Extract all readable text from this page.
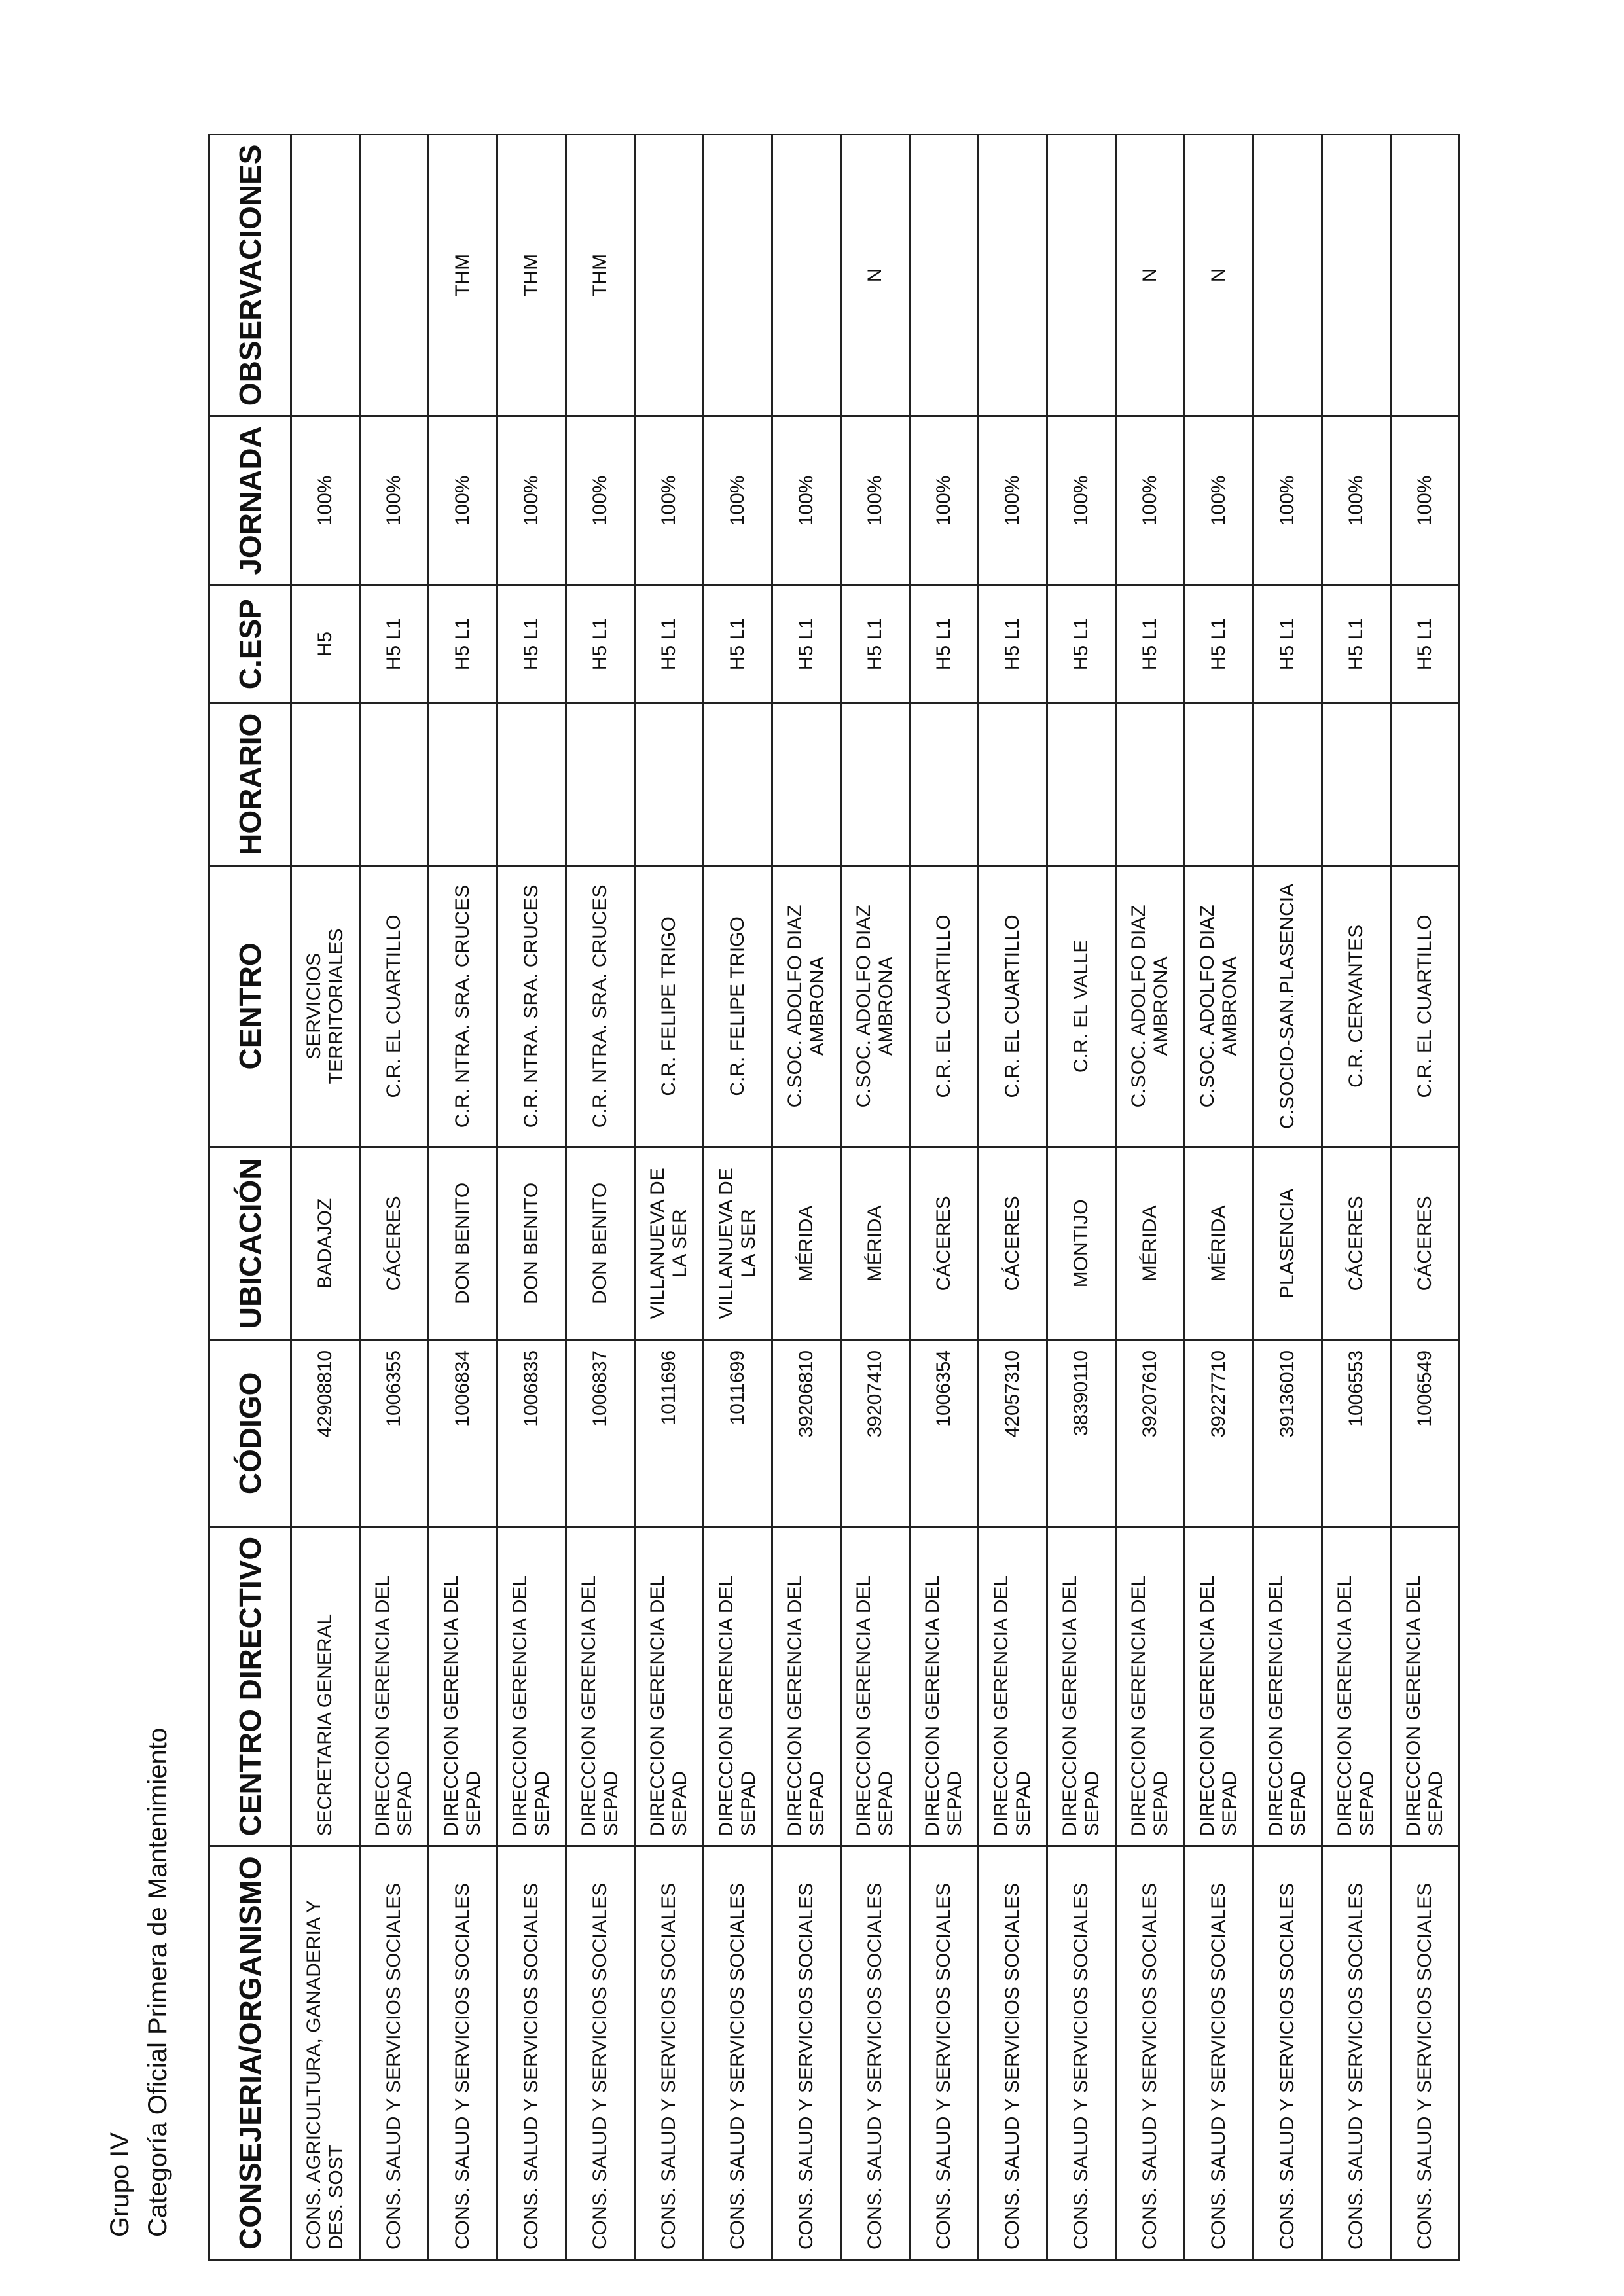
Grupo IV Categoría Oficial Primera de Mantenimiento CONSEJERIA/ORGANISMO	CENTRO DIRECTIVO	CÓDIGO	UBICACIÓN	CENTRO	HORARIO	C.ESP	JORNADA	OBSERVACIONES
CONS. AGRICULTURA, GANADERIA Y DES. SOST	SECRETARIA GENERAL	42908810	BADAJOZ	SERVICIOS TERRITORIALES		H5	100%	
CONS. SALUD Y SERVICIOS SOCIALES	DIRECCION GERENCIA DEL SEPAD	1006355	CÁCERES	C.R. EL CUARTILLO		H5 L1	100%	
CONS. SALUD Y SERVICIOS SOCIALES	DIRECCION GERENCIA DEL SEPAD	1006834	DON BENITO	C.R. NTRA. SRA. CRUCES		H5 L1	100%	THM
CONS. SALUD Y SERVICIOS SOCIALES	DIRECCION GERENCIA DEL SEPAD	1006835	DON BENITO	C.R. NTRA. SRA. CRUCES		H5 L1	100%	THM
CONS. SALUD Y SERVICIOS SOCIALES	DIRECCION GERENCIA DEL SEPAD	1006837	DON BENITO	C.R. NTRA. SRA. CRUCES		H5 L1	100%	THM
CONS. SALUD Y SERVICIOS SOCIALES	DIRECCION GERENCIA DEL SEPAD	1011696	VILLANUEVA DE LA SER	C.R. FELIPE TRIGO		H5 L1	100%	
CONS. SALUD Y SERVICIOS SOCIALES	DIRECCION GERENCIA DEL SEPAD	1011699	VILLANUEVA DE LA SER	C.R. FELIPE TRIGO		H5 L1	100%	
CONS. SALUD Y SERVICIOS SOCIALES	DIRECCION GERENCIA DEL SEPAD	39206810	MÉRIDA	C.SOC. ADOLFO DIAZ AMBRONA		H5 L1	100%	
CONS. SALUD Y SERVICIOS SOCIALES	DIRECCION GERENCIA DEL SEPAD	39207410	MÉRIDA	C.SOC. ADOLFO DIAZ AMBRONA		H5 L1	100%	N
CONS. SALUD Y SERVICIOS SOCIALES	DIRECCION GERENCIA DEL SEPAD	1006354	CÁCERES	C.R. EL CUARTILLO		H5 L1	100%	
CONS. SALUD Y SERVICIOS SOCIALES	DIRECCION GERENCIA DEL SEPAD	42057310	CÁCERES	C.R. EL CUARTILLO		H5 L1	100%	
CONS. SALUD Y SERVICIOS SOCIALES	DIRECCION GERENCIA DEL SEPAD	38390110	MONTIJO	C.R. EL VALLE		H5 L1	100%	
CONS. SALUD Y SERVICIOS SOCIALES	DIRECCION GERENCIA DEL SEPAD	39207610	MÉRIDA	C.SOC. ADOLFO DIAZ AMBRONA		H5 L1	100%	N
CONS. SALUD Y SERVICIOS SOCIALES	DIRECCION GERENCIA DEL SEPAD	39227710	MÉRIDA	C.SOC. ADOLFO DIAZ AMBRONA		H5 L1	100%	N
CONS. SALUD Y SERVICIOS SOCIALES	DIRECCION GERENCIA DEL SEPAD	39136010	PLASENCIA	C.SOCIO-SAN.PLASENCIA		H5 L1	100%	
CONS. SALUD Y SERVICIOS SOCIALES	DIRECCION GERENCIA DEL SEPAD	1006553	CÁCERES	C.R. CERVANTES		H5 L1	100%	
CONS. SALUD Y SERVICIOS SOCIALES	DIRECCION GERENCIA DEL SEPAD	1006549	CÁCERES	C.R. EL CUARTILLO		H5 L1	100%	
